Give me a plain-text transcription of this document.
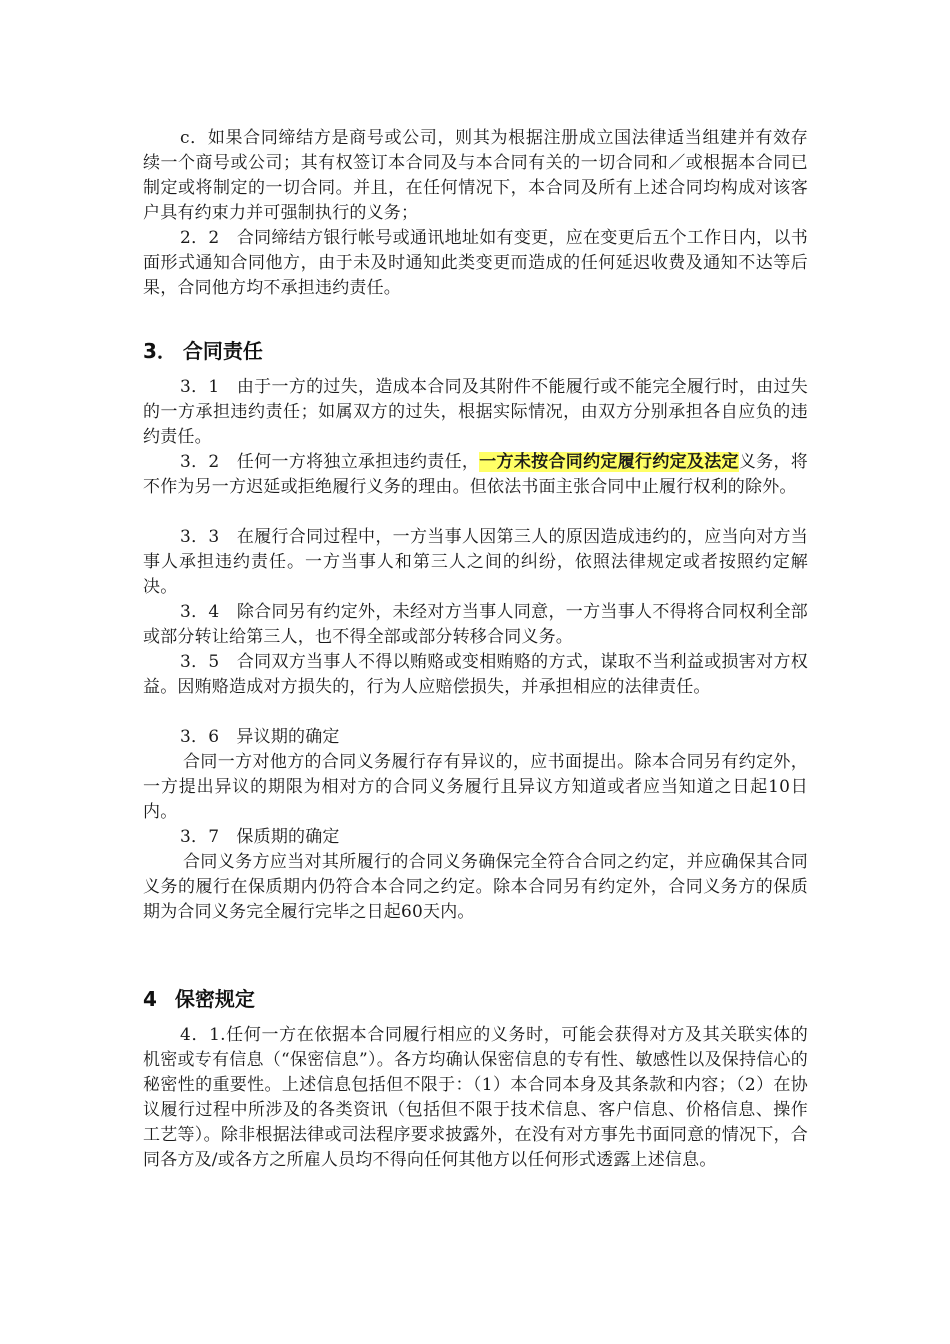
c．如果合同缔结方是商号或公司，则其为根据注册成立国法律适当组建并有效存续一个商号或公司；其有权签订本合同及与本合同有关的一切合同和／或根据本合同已制定或将制定的一切合同。并且，在任何情况下，本合同及所有上述合同均构成对该客户具有约束力并可强制执行的义务；
2．2　合同缔结方银行帐号或通讯地址如有变更，应在变更后五个工作日内，以书面形式通知合同他方，由于未及时通知此类变更而造成的任何延迟收费及通知不达等后果，合同他方均不承担违约责任。
3． 合同责任
3．1　由于一方的过失，造成本合同及其附件不能履行或不能完全履行时，由过失的一方承担违约责任；如属双方的过失，根据实际情况，由双方分别承担各自应负的违约责任。
3．2　任何一方将独立承担违约责任，一方未按合同约定履行约定及法定义务，将不作为另一方迟延或拒绝履行义务的理由。但依法书面主张合同中止履行权利的除外。
3．3　在履行合同过程中，一方当事人因第三人的原因造成违约的，应当向对方当事人承担违约责任。一方当事人和第三人之间的纠纷，依照法律规定或者按照约定解决。
3．4　除合同另有约定外，未经对方当事人同意，一方当事人不得将合同权利全部或部分转让给第三人，也不得全部或部分转移合同义务。
3．5　合同双方当事人不得以贿赂或变相贿赂的方式，谋取不当利益或损害对方权益。因贿赂造成对方损失的，行为人应赔偿损失，并承担相应的法律责任。
3．6　异议期的确定
合同一方对他方的合同义务履行存有异议的，应书面提出。除本合同另有约定外，一方提出异议的期限为相对方的合同义务履行且异议方知道或者应当知道之日起10日内。
3．7　保质期的确定
合同义务方应当对其所履行的合同义务确保完全符合合同之约定，并应确保其合同义务的履行在保质期内仍符合本合同之约定。除本合同另有约定外，合同义务方的保质期为合同义务完全履行完毕之日起60天内。
4 保密规定
4．1.任何一方在依据本合同履行相应的义务时，可能会获得对方及其关联实体的机密或专有信息（“保密信息”）。各方均确认保密信息的专有性、敏感性以及保持信心的秘密性的重要性。上述信息包括但不限于：（1）本合同本身及其条款和内容；（2）在协议履行过程中所涉及的各类资讯（包括但不限于技术信息、客户信息、价格信息、操作工艺等）。除非根据法律或司法程序要求披露外，在没有对方事先书面同意的情况下，合同各方及/或各方之所雇人员均不得向任何其他方以任何形式透露上述信息。
